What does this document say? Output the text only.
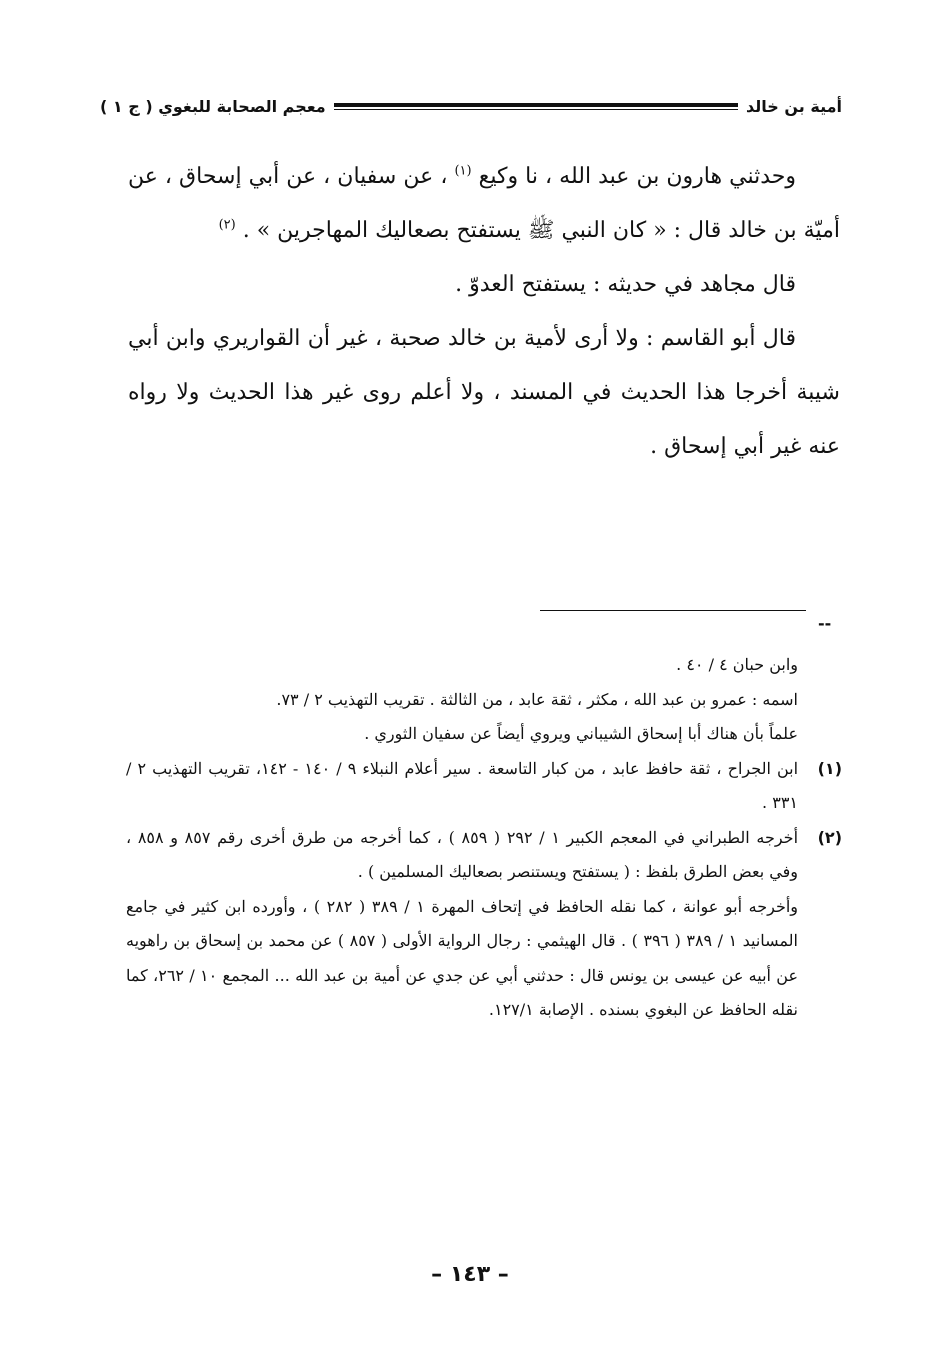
أمية بن خالد
معجم الصحابة للبغوي ( ج ١ )

وحدثني هارون بن عبد الله ، نا وكيع $^{(١)}$ ، عن سفيان ، عن أبي إسحاق ، عن أميّة بن خالد قال : « كان النبي ﷺ يستفتح بصعاليك المهاجرين » . $^{(٢)}$

قال مجاهد في حديثه : يستفتح العدوّ .

قال أبو القاسم : ولا أرى لأمية بن خالد صحبة ، غير أن القواريري وابن أبي شيبة أخرجا هذا الحديث في المسند ، ولا أعلم روى غير هذا الحديث ولا رواه عنه غير أبي إسحاق .

--

وابن حبان ٤ / ٤٠ .

اسمه : عمرو بن عبد الله ، مكثر ، ثقة عابد ، من الثالثة . تقريب التهذيب ٢ / ٧٣.

علماً بأن هناك أبا إسحاق الشيباني ويروي أيضاً عن سفيان الثوري .

(١)
ابن الجراح ، ثقة حافظ عابد ، من كبار التاسعة . سير أعلام النبلاء ٩ / ١٤٠ - ١٤٢، تقريب التهذيب ٢ / ٣٣١ .

(٢)
أخرجه الطبراني في المعجم الكبير ١ / ٢٩٢ ( ٨٥٩ ) ، كما أخرجه من طرق أخرى رقم ٨٥٧ و ٨٥٨ ، وفي بعض الطرق بلفظ : ( يستفتح ويستنصر بصعاليك المسلمين ) .

وأخرجه أبو عوانة ، كما نقله الحافظ في إتحاف المهرة ١ / ٣٨٩ ( ٢٨٢ ) ، وأورده ابن كثير في جامع المسانيد ١ / ٣٨٩ ( ٣٩٦ ) . قال الهيثمي : رجال الرواية الأولى ( ٨٥٧ ) عن محمد بن إسحاق بن راهويه عن أبيه عن عيسى بن يونس قال : حدثني أبي عن جدي عن أمية بن عبد الله ... المجمع ١٠ / ٢٦٢، كما نقله الحافظ عن البغوي بسنده . الإصابة ١٢٧/١.

– ١٤٣ –
